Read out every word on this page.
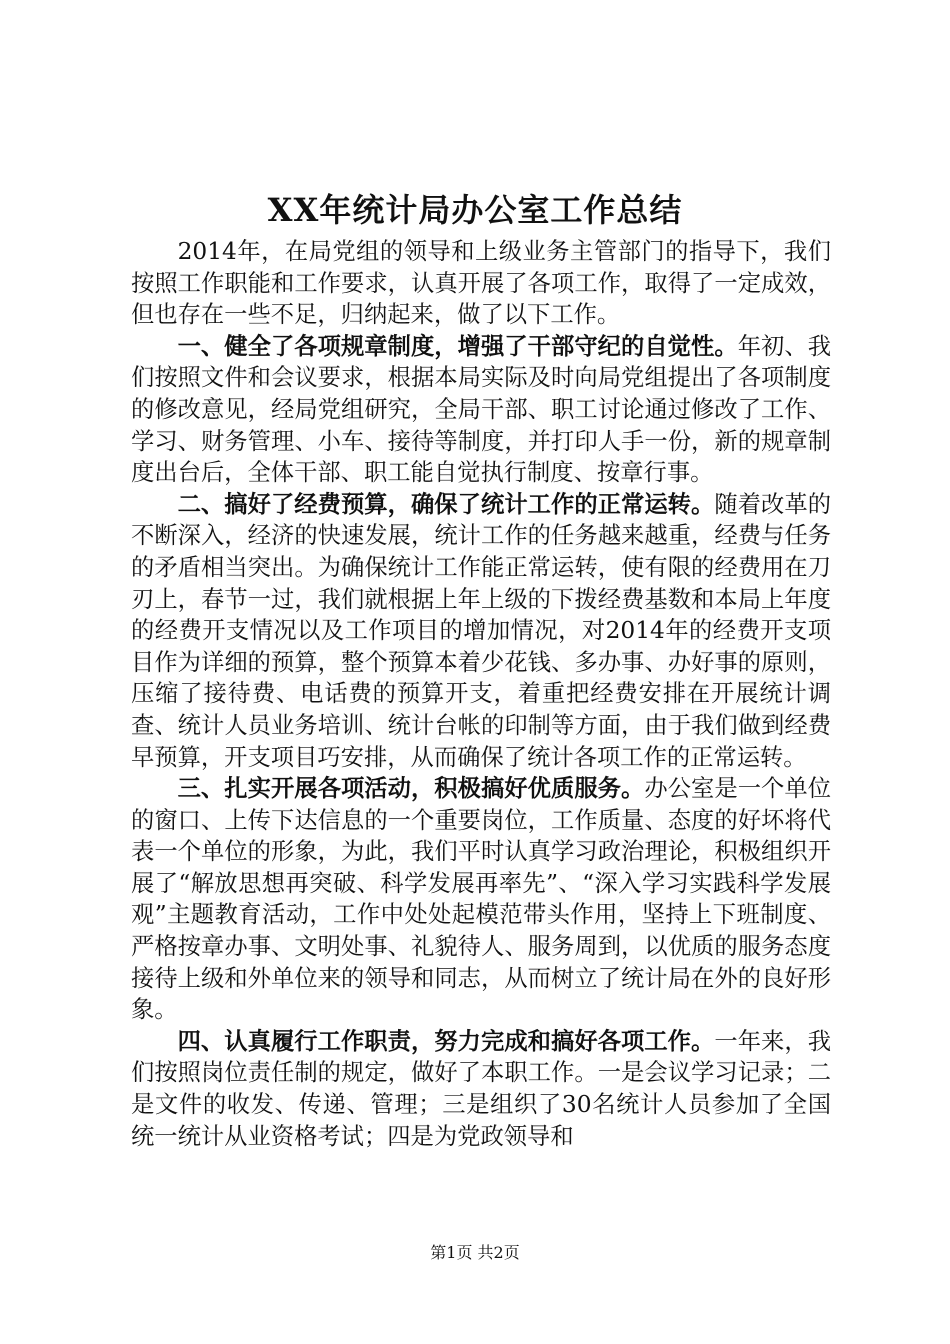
XX年统计局办公室工作总结

2014年，在局党组的领导和上级业务主管部门的指导下，我们按照工作职能和工作要求，认真开展了各项工作，取得了一定成效，但也存在一些不足，归纳起来，做了以下工作。

一、健全了各项规章制度，增强了干部守纪的自觉性。年初、我们按照文件和会议要求，根据本局实际及时向局党组提出了各项制度的修改意见，经局党组研究，全局干部、职工讨论通过修改了工作、学习、财务管理、小车、接待等制度，并打印人手一份，新的规章制度出台后，全体干部、职工能自觉执行制度、按章行事。

二、搞好了经费预算，确保了统计工作的正常运转。随着改革的不断深入，经济的快速发展，统计工作的任务越来越重，经费与任务的矛盾相当突出。为确保统计工作能正常运转，使有限的经费用在刀刃上，春节一过，我们就根据上年上级的下拨经费基数和本局上年度的经费开支情况以及工作项目的增加情况，对2014年的经费开支项目作为详细的预算，整个预算本着少花钱、多办事、办好事的原则，压缩了接待费、电话费的预算开支，着重把经费安排在开展统计调查、统计人员业务培训、统计台帐的印制等方面，由于我们做到经费早预算，开支项目巧安排，从而确保了统计各项工作的正常运转。

三、扎实开展各项活动，积极搞好优质服务。办公室是一个单位的窗口、上传下达信息的一个重要岗位，工作质量、态度的好坏将代表一个单位的形象，为此，我们平时认真学习政治理论，积极组织开展了“解放思想再突破、科学发展再率先”、“深入学习实践科学发展观”主题教育活动，工作中处处起模范带头作用，坚持上下班制度、严格按章办事、文明处事、礼貌待人、服务周到，以优质的服务态度接待上级和外单位来的领导和同志，从而树立了统计局在外的良好形象。

四、认真履行工作职责，努力完成和搞好各项工作。一年来，我们按照岗位责任制的规定，做好了本职工作。一是会议学习记录；二是文件的收发、传递、管理；三是组织了30名统计人员参加了全国统一统计从业资格考试；四是为党政领导和

第1页 共2页
